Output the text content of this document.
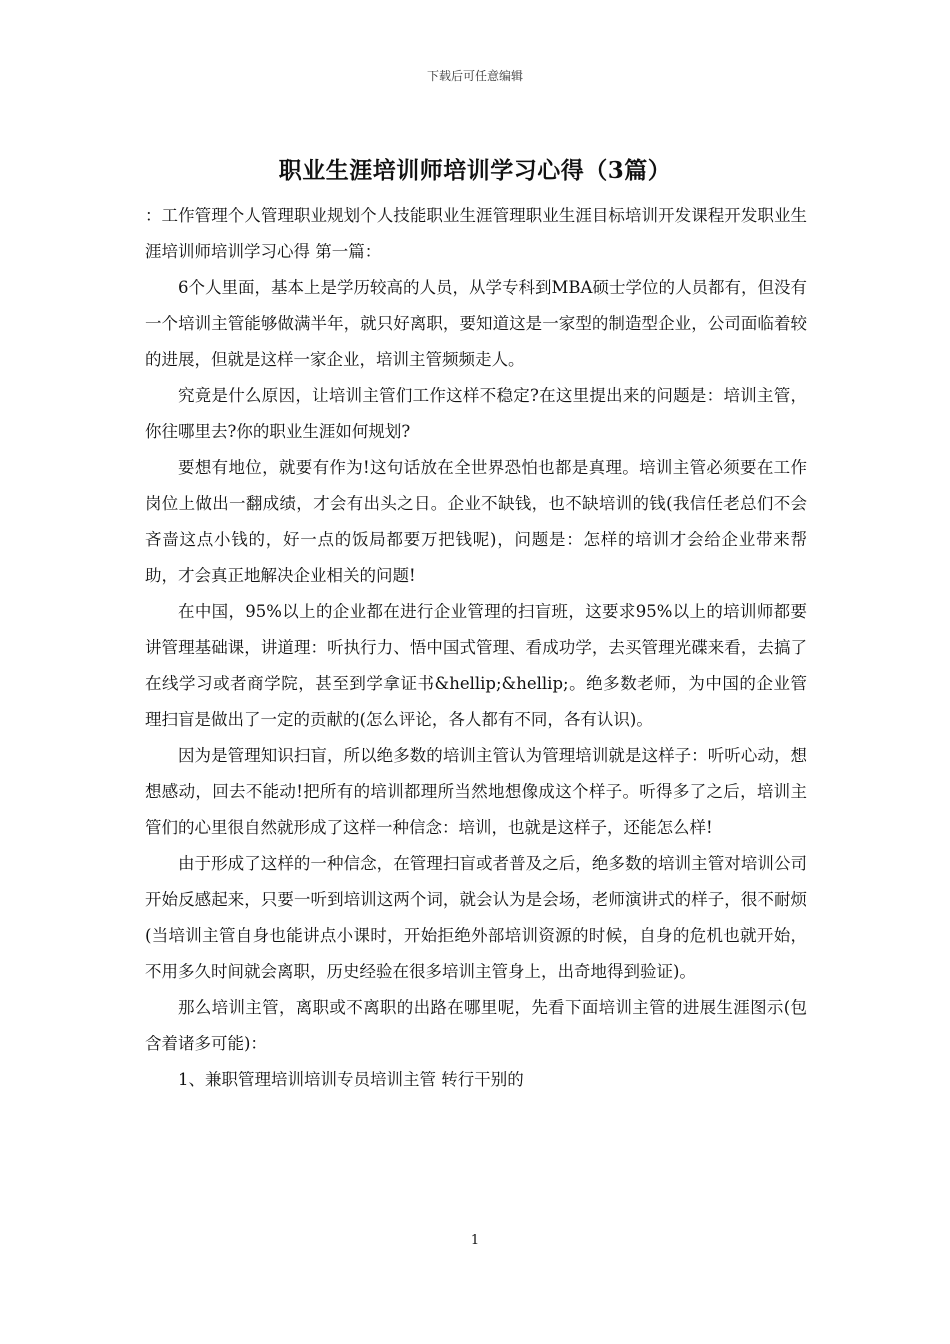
下载后可任意编辑
职业生涯培训师培训学习心得（3篇）

：工作管理个人管理职业规划个人技能职业生涯管理职业生涯目标培训开发课程开发职业生涯培训师培训学习心得 第一篇：

6个人里面，基本上是学历较高的人员，从学专科到MBA硕士学位的人员都有，但没有一个培训主管能够做满半年，就只好离职，要知道这是一家型的制造型企业，公司面临着较的进展，但就是这样一家企业，培训主管频频走人。

究竟是什么原因，让培训主管们工作这样不稳定?在这里提出来的问题是：培训主管，你往哪里去?你的职业生涯如何规划?

要想有地位，就要有作为!这句话放在全世界恐怕也都是真理。培训主管必须要在工作岗位上做出一翻成绩，才会有出头之日。企业不缺钱，也不缺培训的钱(我信任老总们不会吝啬这点小钱的，好一点的饭局都要万把钱呢)，问题是：怎样的培训才会给企业带来帮助，才会真正地解决企业相关的问题!

在中国，95%以上的企业都在进行企业管理的扫盲班，这要求95%以上的培训师都要讲管理基础课，讲道理：听执行力、悟中国式管理、看成功学，去买管理光碟来看，去搞了在线学习或者商学院，甚至到学拿证书&hellip;&hellip;。绝多数老师，为中国的企业管理扫盲是做出了一定的贡献的(怎么评论，各人都有不同，各有认识)。

因为是管理知识扫盲，所以绝多数的培训主管认为管理培训就是这样子：听听心动，想想感动，回去不能动!把所有的培训都理所当然地想像成这个样子。听得多了之后，培训主管们的心里很自然就形成了这样一种信念：培训，也就是这样子，还能怎么样!

由于形成了这样的一种信念，在管理扫盲或者普及之后，绝多数的培训主管对培训公司开始反感起来，只要一听到培训这两个词，就会认为是会场，老师演讲式的样子，很不耐烦(当培训主管自身也能讲点小课时，开始拒绝外部培训资源的时候，自身的危机也就开始，不用多久时间就会离职，历史经验在很多培训主管身上，出奇地得到验证)。

那么培训主管，离职或不离职的出路在哪里呢，先看下面培训主管的进展生涯图示(包含着诸多可能)：

1、兼职管理培训培训专员培训主管 转行干别的

1
